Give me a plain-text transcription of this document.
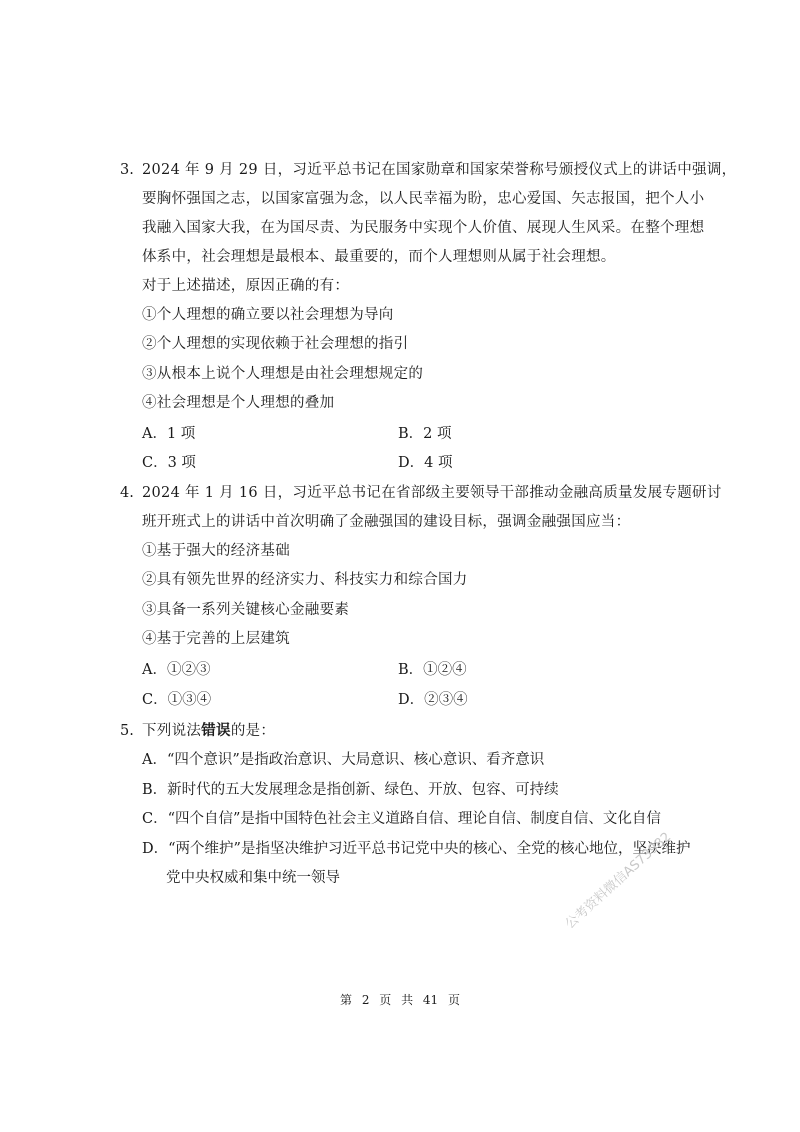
3. 2024 年 9 月 29 日，习近平总书记在国家勋章和国家荣誉称号颁授仪式上的讲话中强调，
要胸怀强国之志，以国家富强为念，以人民幸福为盼，忠心爱国、矢志报国，把个人小
我融入国家大我，在为国尽责、为民服务中实现个人价值、展现人生风采。在整个理想
体系中，社会理想是最根本、最重要的，而个人理想则从属于社会理想。
对于上述描述，原因正确的有：
①个人理想的确立要以社会理想为导向
②个人理想的实现依赖于社会理想的指引
③从根本上说个人理想是由社会理想规定的
④社会理想是个人理想的叠加
A．1 项	B．2 项
C．3 项	D．4 项
4. 2024 年 1 月 16 日，习近平总书记在省部级主要领导干部推动金融高质量发展专题研讨
班开班式上的讲话中首次明确了金融强国的建设目标，强调金融强国应当：
①基于强大的经济基础
②具有领先世界的经济实力、科技实力和综合国力
③具备一系列关键核心金融要素
④基于完善的上层建筑
A．①②③	B．①②④
C．①③④	D．②③④
5. 下列说法错误的是：
A．“四个意识”是指政治意识、大局意识、核心意识、看齐意识
B．新时代的五大发展理念是指创新、绿色、开放、包容、可持续
C．“四个自信”是指中国特色社会主义道路自信、理论自信、制度自信、文化自信
D．“两个维护”是指坚决维护习近平总书记党中央的核心、全党的核心地位，坚决维护
党中央权威和集中统一领导	公考资料微信AS73982
第 2 页 共 41 页
